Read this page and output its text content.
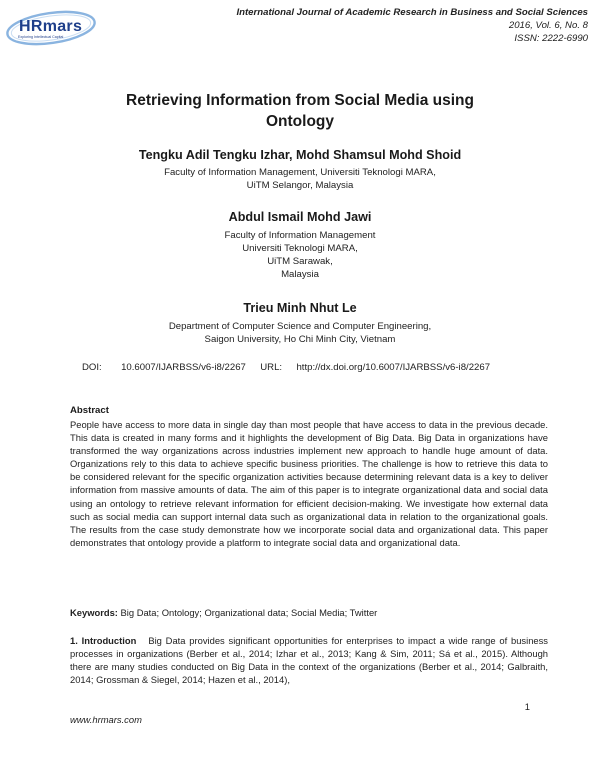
HRmars
Exploring Intellectual Capital
International Journal of Academic Research in Business and Social Sciences
2016, Vol. 6, No. 8
ISSN: 2222-6990
Retrieving Information from Social Media using
Ontology
Tengku Adil Tengku Izhar, Mohd Shamsul Mohd Shoid
Faculty of Information Management, Universiti Teknologi MARA,
UiTM Selangor, Malaysia
Abdul Ismail Mohd Jawi
Faculty of Information Management
Universiti Teknologi MARA,
UiTM Sarawak,
Malaysia
Trieu Minh Nhut Le
Department of Computer Science and Computer Engineering,
Saigon University, Ho Chi Minh City, Vietnam
DOI: 10.6007/IJARBSS/v6-i8/2267 URL: http://dx.doi.org/10.6007/IJARBSS/v6-i8/2267
Abstract
People have access to more data in single day than most people that have access to data in the previous decade. This data is created in many forms and it highlights the development of Big Data. Big Data in organizations have transformed the way organizations across industries implement new approach to handle huge amount of data. Organizations rely to this data to achieve specific business priorities. The challenge is how to retrieve this data to be considered relevant for the specific organization activities because determining relevant data is a key to deliver information from massive amounts of data. The aim of this paper is to integrate organizational data and social data using an ontology to retrieve relevant information for efficient decision-making. We investigate how external data such as social media can support internal data such as organizational data in relation to the organizational goals. The results from the case study demonstrate how we incorporate social data and organizational data. This paper demonstrates that ontology provide a platform to integrate social data and organizational data.
Keywords: Big Data; Ontology; Organizational data; Social Media; Twitter
1. Introduction Big Data provides significant opportunities for enterprises to impact a wide range of business processes in organizations (Berber et al., 2014; Izhar et al., 2013; Kang & Sim, 2011; Sá et al., 2015). Although there are many studies conducted on Big Data in the context of the organizations (Berber et al., 2014; Galbraith, 2014; Grossman & Siegel, 2014; Hazen et al., 2014),
1
www.hrmars.com
